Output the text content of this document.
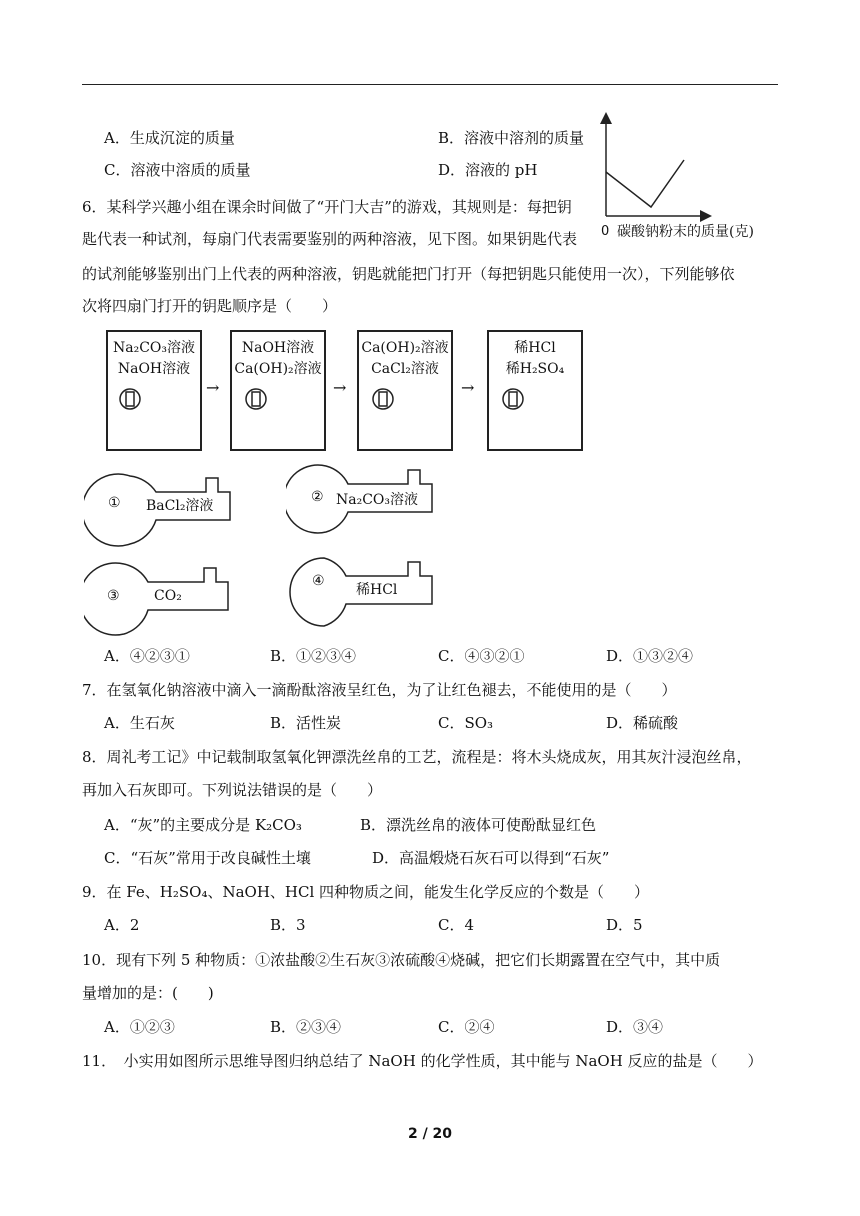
A．生成沉淀的质量	B．溶液中溶剂的质量
C．溶液中溶质的质量	D．溶液的 pH
0 碳酸钠粉末的质量(克)
6．某科学兴趣小组在课余时间做了“开门大吉”的游戏，其规则是：每把钥
匙代表一种试剂，每扇门代表需要鉴别的两种溶液，见下图。如果钥匙代表
的试剂能够鉴别出门上代表的两种溶液，钥匙就能把门打开（每把钥匙只能使用一次），下列能够依
次将四扇门打开的钥匙顺序是（　　）
Na₂CO₃溶液
NaOH溶液
→
NaOH溶液
Ca(OH)₂溶液
→
Ca(OH)₂溶液
CaCl₂溶液
→
稀HCl
稀H₂SO₄
① BaCl₂溶液
② Na₂CO₃溶液
③ CO₂
④
稀HCl
A．④②③①	B．①②③④	C．④③②①	D．①③②④
7．在氢氧化钠溶液中滴入一滴酚酞溶液呈红色，为了让红色褪去，不能使用的是（　　）
A．生石灰	B．活性炭	C．SO₃	D．稀硫酸
8．周礼考工记》中记载制取氢氧化钾漂洗丝帛的工艺，流程是：将木头烧成灰，用其灰汁浸泡丝帛，
再加入石灰即可。下列说法错误的是（　　）
A．“灰”的主要成分是 K₂CO₃	B．漂洗丝帛的液体可使酚酞显红色
C．“石灰”常用于改良碱性土壤	D．高温煅烧石灰石可以得到“石灰”
9．在 Fe、H₂SO₄、NaOH、HCl 四种物质之间，能发生化学反应的个数是（　　）
A．2	B．3	C．4	D．5
10．现有下列 5 种物质：①浓盐酸②生石灰③浓硫酸④烧碱，把它们长期露置在空气中，其中质
量增加的是：(　　)
A．①②③	B．②③④	C．②④	D．③④
11．　小实用如图所示思维导图归纳总结了 NaOH 的化学性质，其中能与 NaOH 反应的盐是（　　）
2 / 20
